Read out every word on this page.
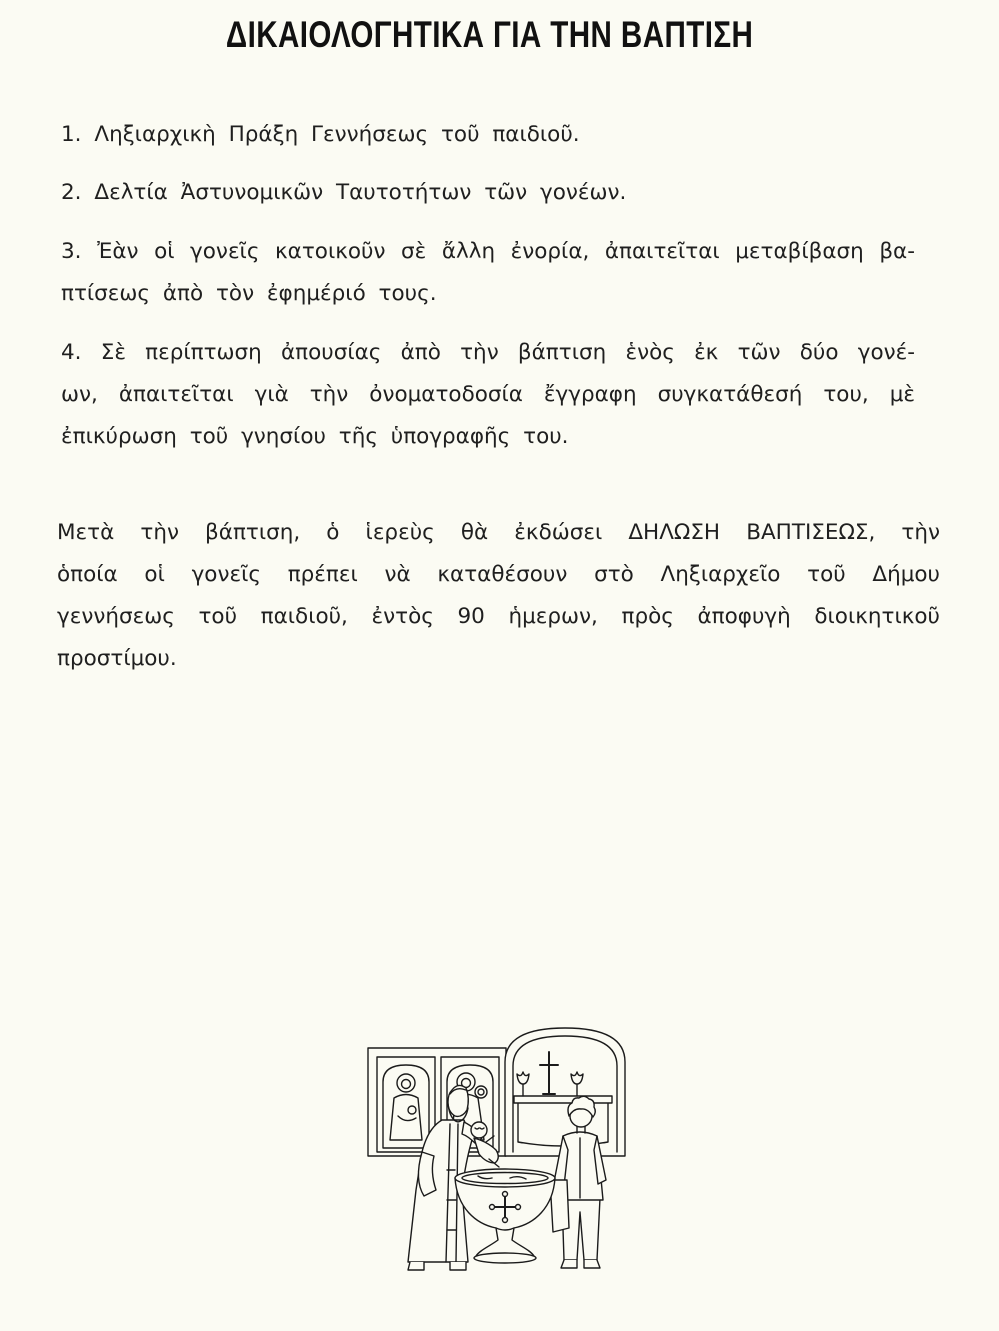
ΔΙΚΑΙΟΛΟΓΗΤΙΚΑ ΓΙΑ ΤΗΝ ΒΑΠΤΙΣΗ
1. Ληξιαρχικὴ Πράξη Γεννήσεως τοῦ παιδιοῦ.
2. Δελτία Ἀστυνομικῶν Ταυτοτήτων τῶν γονέων.
3. Ἐὰν οἱ γονεῖς κατοικοῦν σὲ ἄλλη ἐνορία, ἀπαιτεῖται μεταβίβαση βα-
πτίσεως ἀπὸ τὸν ἐφημέριό τους.
4. Σὲ περίπτωση ἀπουσίας ἀπὸ τὴν βάπτιση ἑνὸς ἐκ τῶν δύο γονέ-
ων, ἀπαιτεῖται γιὰ τὴν ὀνοματοδοσία ἔγγραφη συγκατάθεσή του, μὲ
ἐπικύρωση τοῦ γνησίου τῆς ὑπογραφῆς του.
Μετὰ τὴν βάπτιση, ὁ ἱερεὺς θὰ ἐκδώσει ΔΗΛΩΣΗ ΒΑΠΤΙΣΕΩΣ, τὴν
ὁποία οἱ γονεῖς πρέπει νὰ καταθέσουν στὸ Ληξιαρχεῖο τοῦ Δήμου
γεννήσεως τοῦ παιδιοῦ, ἐντὸς 90 ἡμερων, πρὸς ἀποφυγὴ διοικητικοῦ
προστίμου.
